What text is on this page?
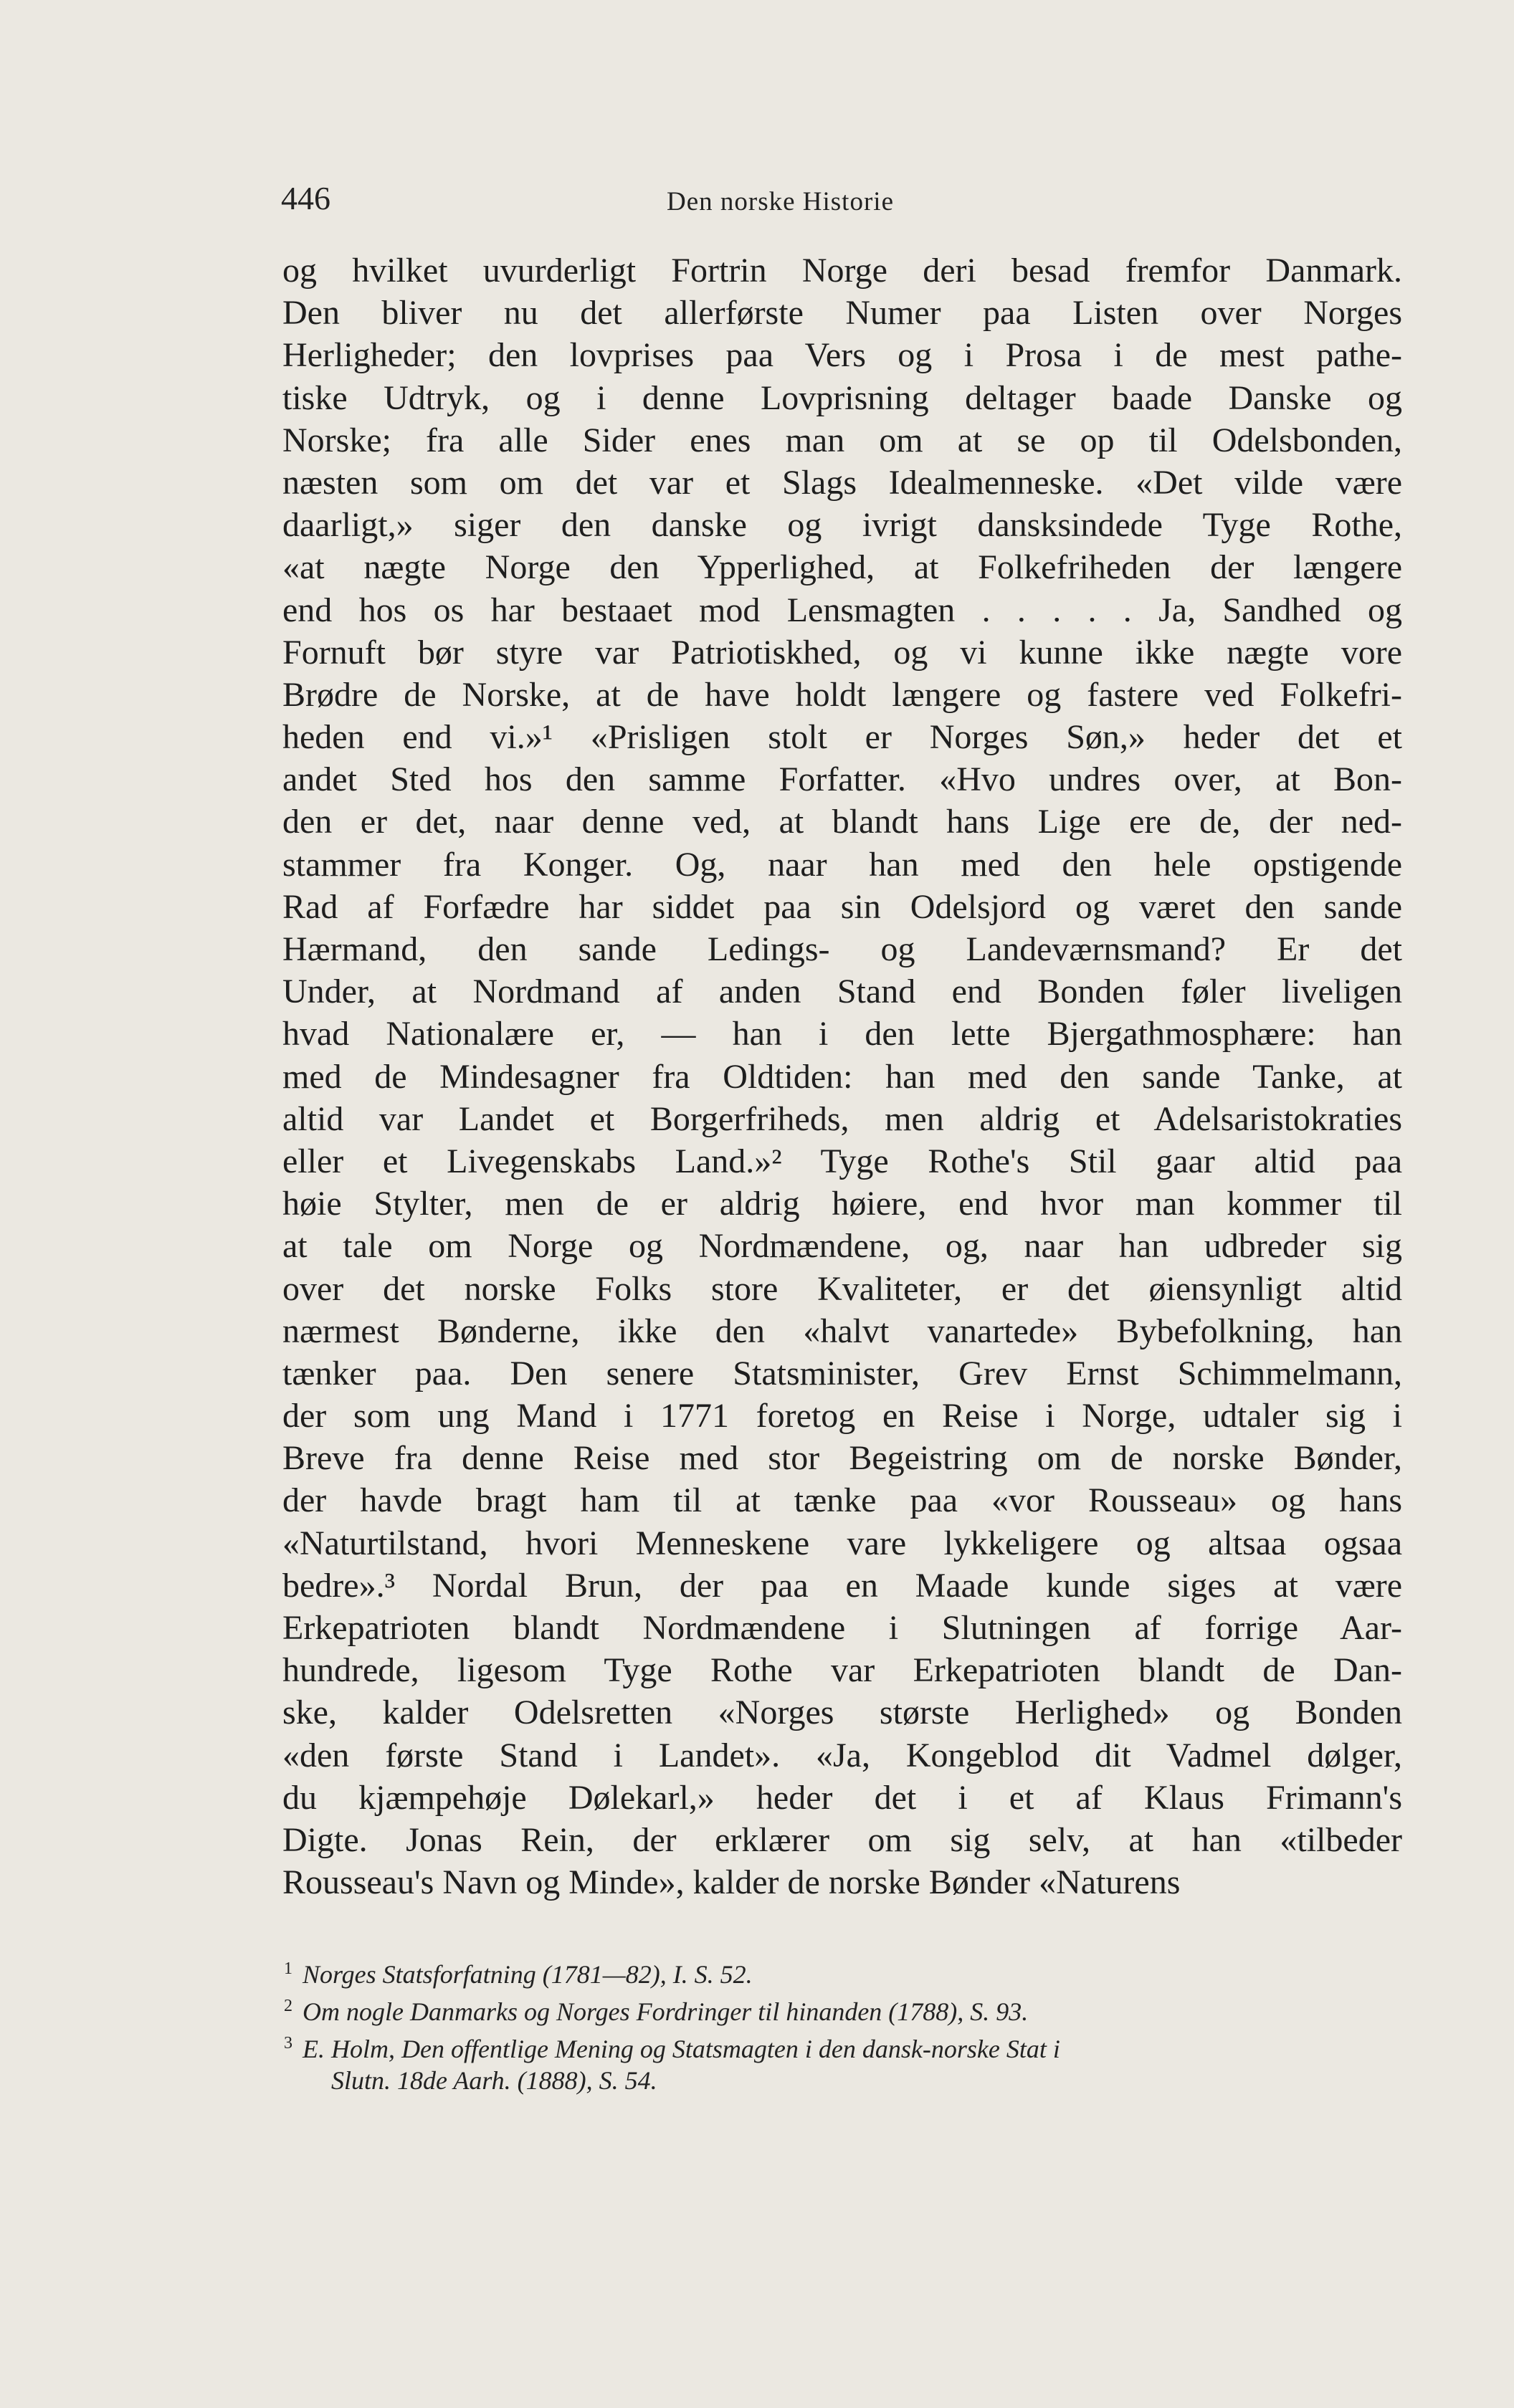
446	Den norske Historie
og hvilket uvurderligt Fortrin Norge deri besad fremfor Danmark.
Den bliver nu det allerførste Numer paa Listen over Norges
Herligheder; den lovprises paa Vers og i Prosa i de mest pathe-
tiske Udtryk, og i denne Lovprisning deltager baade Danske og
Norske; fra alle Sider enes man om at se op til Odelsbonden,
næsten som om det var et Slags Idealmenneske. «Det vilde være
daarligt,» siger den danske og ivrigt dansksindede Tyge Rothe,
«at nægte Norge den Ypperlighed, at Folkefriheden der længere
end hos os har bestaaet mod Lensmagten . . . . . Ja, Sandhed og
Fornuft bør styre var Patriotiskhed, og vi kunne ikke nægte vore
Brødre de Norske, at de have holdt længere og fastere ved Folkefri-
heden end vi.»¹ «Prisligen stolt er Norges Søn,» heder det et
andet Sted hos den samme Forfatter. «Hvo undres over, at Bon-
den er det, naar denne ved, at blandt hans Lige ere de, der ned-
stammer fra Konger. Og, naar han med den hele opstigende
Rad af Forfædre har siddet paa sin Odelsjord og været den sande
Hærmand, den sande Ledings- og Landeværnsmand? Er det
Under, at Nordmand af anden Stand end Bonden føler liveligen
hvad Nationalære er, — han i den lette Bjergathmosphære: han
med de Mindesagner fra Oldtiden: han med den sande Tanke, at
altid var Landet et Borgerfriheds, men aldrig et Adelsaristokraties
eller et Livegenskabs Land.»² Tyge Rothe's Stil gaar altid paa
høie Stylter, men de er aldrig høiere, end hvor man kommer til
at tale om Norge og Nordmændene, og, naar han udbreder sig
over det norske Folks store Kvaliteter, er det øiensynligt altid
nærmest Bønderne, ikke den «halvt vanartede» Bybefolkning, han
tænker paa. Den senere Statsminister, Grev Ernst Schimmelmann,
der som ung Mand i 1771 foretog en Reise i Norge, udtaler sig i
Breve fra denne Reise med stor Begeistring om de norske Bønder,
der havde bragt ham til at tænke paa «vor Rousseau» og hans
«Naturtilstand, hvori Menneskene vare lykkeligere og altsaa ogsaa
bedre».³ Nordal Brun, der paa en Maade kunde siges at være
Erkepatrioten blandt Nordmændene i Slutningen af forrige Aar-
hundrede, ligesom Tyge Rothe var Erkepatrioten blandt de Dan-
ske, kalder Odelsretten «Norges største Herlighed» og Bonden
«den første Stand i Landet». «Ja, Kongeblod dit Vadmel dølger,
du kjæmpehøje Dølekarl,» heder det i et af Klaus Frimann's
Digte. Jonas Rein, der erklærer om sig selv, at han «tilbeder
Rousseau's Navn og Minde», kalder de norske Bønder «Naturens
$^1$ Norges Statsforfatning (1781—82), I. S. 52.
$^2$ Om nogle Danmarks og Norges Fordringer til hinanden (1788), S. 93.
$^3$ E. Holm, Den offentlige Mening og Statsmagten i den dansk-norske Stat i
Slutn. 18de Aarh. (1888), S. 54.
